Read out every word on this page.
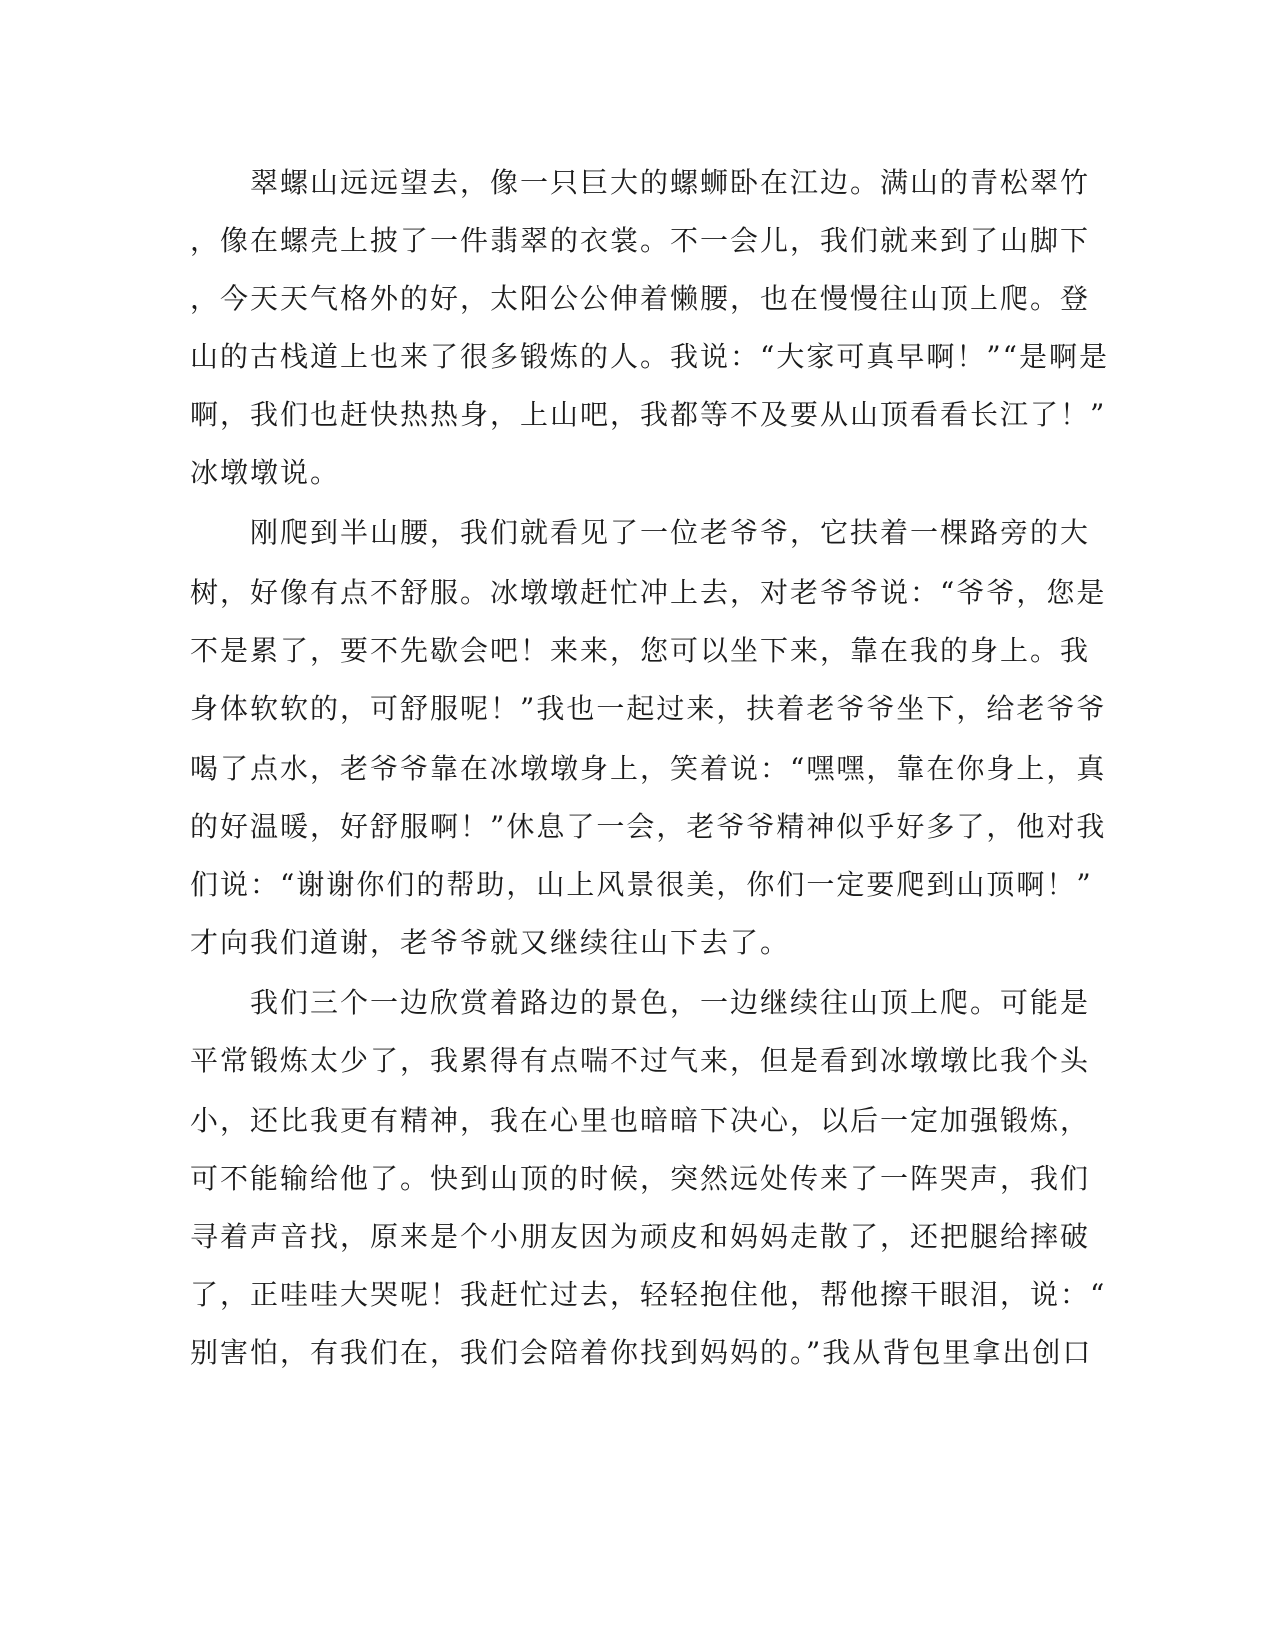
翠螺山远远望去，像一只巨大的螺蛳卧在江边。满山的青松翠竹
，像在螺壳上披了一件翡翠的衣裳。不一会儿，我们就来到了山脚下
，今天天气格外的好，太阳公公伸着懒腰，也在慢慢往山顶上爬。登
山的古栈道上也来了很多锻炼的人。我说：“大家可真早啊！”“是啊是
啊，我们也赶快热热身，上山吧，我都等不及要从山顶看看长江了！”
冰墩墩说。
刚爬到半山腰，我们就看见了一位老爷爷，它扶着一棵路旁的大
树，好像有点不舒服。冰墩墩赶忙冲上去，对老爷爷说：“爷爷，您是
不是累了，要不先歇会吧！来来，您可以坐下来，靠在我的身上。我
身体软软的，可舒服呢！”我也一起过来，扶着老爷爷坐下，给老爷爷
喝了点水，老爷爷靠在冰墩墩身上，笑着说：“嘿嘿，靠在你身上，真
的好温暖，好舒服啊！”休息了一会，老爷爷精神似乎好多了，他对我
们说：“谢谢你们的帮助，山上风景很美，你们一定要爬到山顶啊！”
才向我们道谢，老爷爷就又继续往山下去了。
我们三个一边欣赏着路边的景色，一边继续往山顶上爬。可能是
平常锻炼太少了，我累得有点喘不过气来，但是看到冰墩墩比我个头
小，还比我更有精神，我在心里也暗暗下决心，以后一定加强锻炼，
可不能输给他了。快到山顶的时候，突然远处传来了一阵哭声，我们
寻着声音找，原来是个小朋友因为顽皮和妈妈走散了，还把腿给摔破
了，正哇哇大哭呢！我赶忙过去，轻轻抱住他，帮他擦干眼泪，说：“
别害怕，有我们在，我们会陪着你找到妈妈的。”我从背包里拿出创口
